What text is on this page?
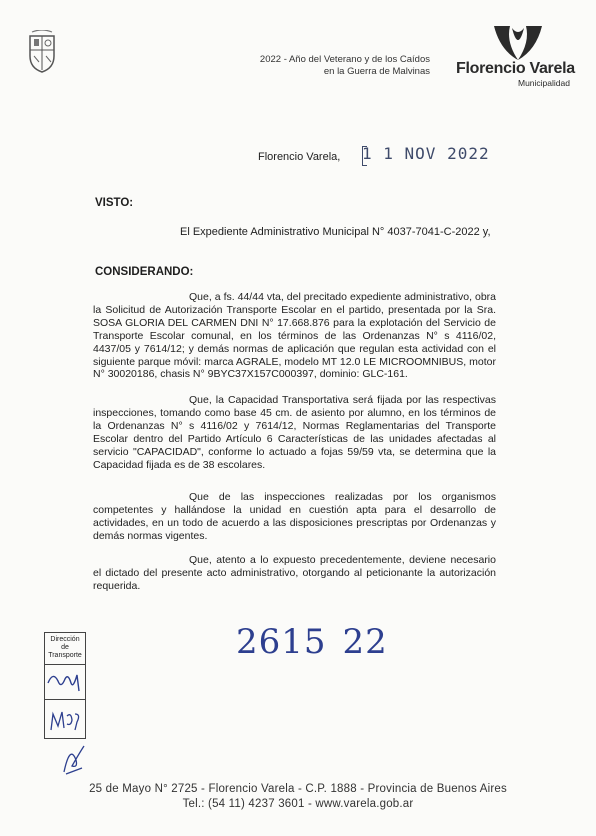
2022 - Año del Veterano y de los Caídos
en la Guerra de Malvinas Florencio Varela
Municipalidad
Florencio Varela, 1 1 NOV 2022
VISTO:
El Expediente Administrativo Municipal N° 4037-7041-C-2022 y,
CONSIDERANDO:

Que, a fs. 44/44 vta, del precitado expediente administrativo, obra la Solicitud de Autorización Transporte Escolar en el partido, presentada por la Sra. SOSA GLORIA DEL CARMEN DNI N° 17.668.876 para la explotación del Servicio de Transporte Escolar comunal, en los términos de las Ordenanzas N° s 4116/02, 4437/05 y 7614/12; y demás normas de aplicación que regulan esta actividad con el siguiente parque móvil: marca AGRALE, modelo MT 12.0 LE MICROOMNIBUS, motor N° 30020186, chasis N° 9BYC37X157C000397, dominio: GLC-161.

Que, la Capacidad Transportativa será fijada por las respectivas inspecciones, tomando como base 45 cm. de asiento por alumno, en los términos de la Ordenanzas N° s 4116/02 y 7614/12, Normas Reglamentarias del Transporte Escolar dentro del Partido Artículo 6 Características de las unidades afectadas al servicio "CAPACIDAD", conforme lo actuado a fojas 59/59 vta, se determina que la Capacidad fijada es de 38 escolares.

Que de las inspecciones realizadas por los organismos competentes y hallándose la unidad en cuestión apta para el desarrollo de actividades, en un todo de acuerdo a las disposiciones prescriptas por Ordenanzas y demás normas vigentes.

Que, atento a lo expuesto precedentemente, deviene necesario el dictado del presente acto administrativo, otorgando al peticionante la autorización requerida.

2615 22
Dirección de Transporte
25 de Mayo N° 2725 - Florencio Varela - C.P. 1888 - Provincia de Buenos Aires
Tel.: (54 11) 4237 3601 - www.varela.gob.ar
